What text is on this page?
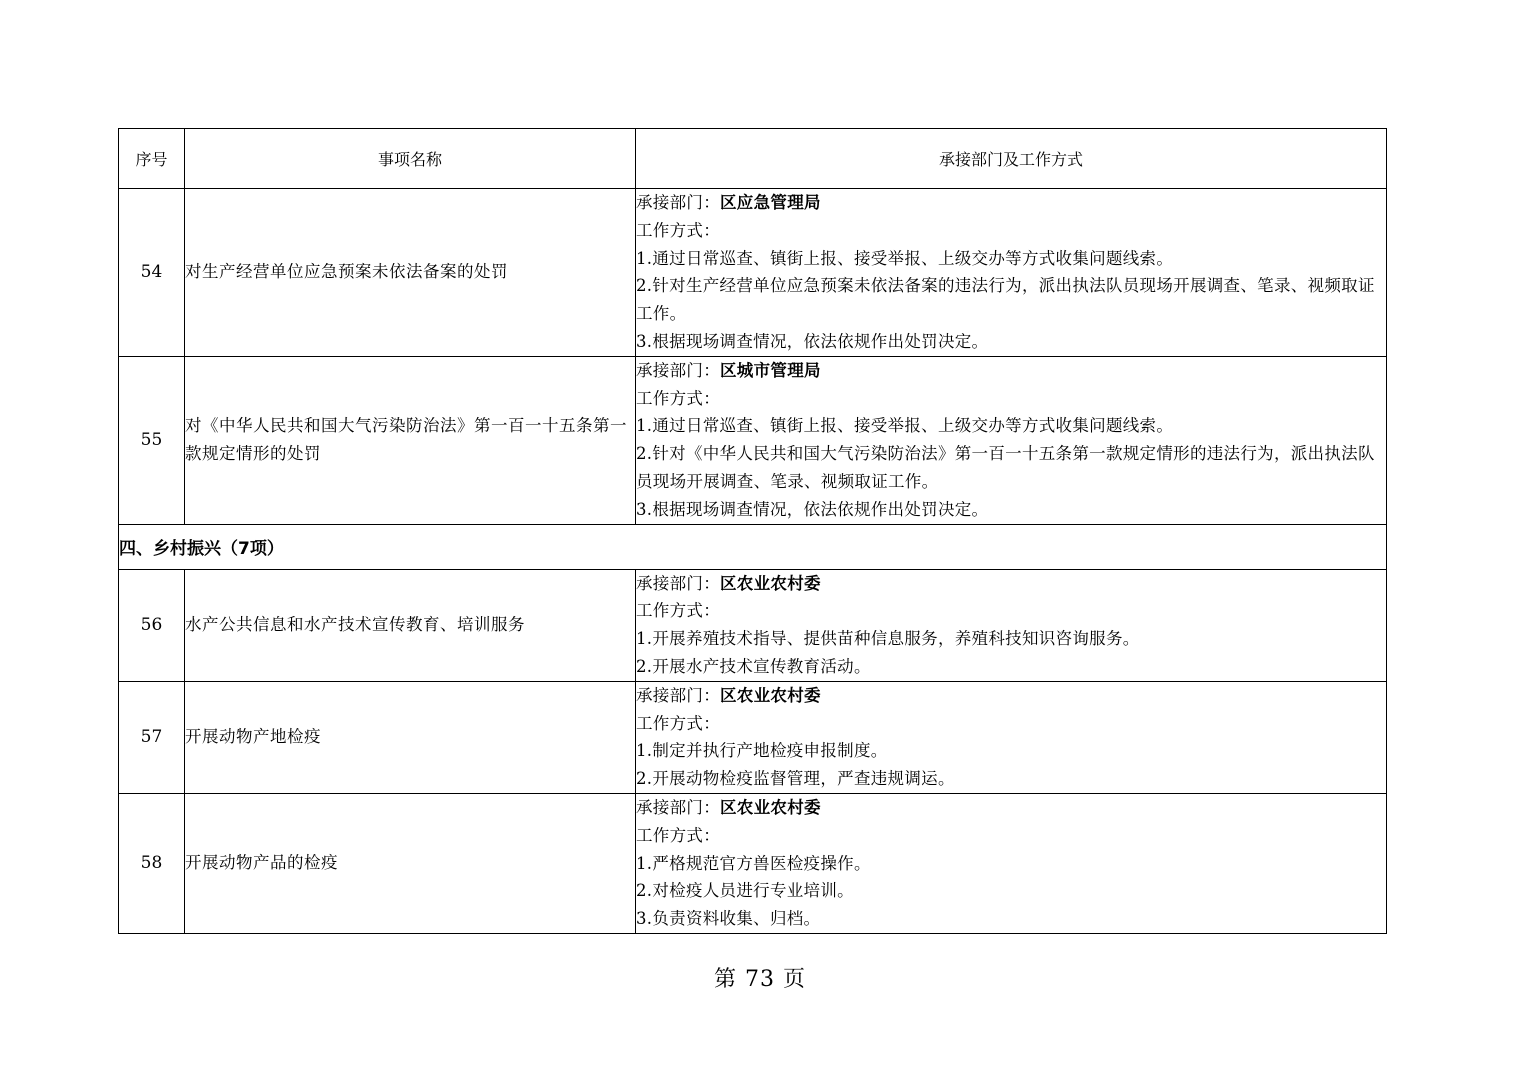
序号	事项名称	承接部门及工作方式
54	对生产经营单位应急预案未依法备案的处罚	承接部门：区应急管理局
工作方式：
1.通过日常巡查、镇街上报、接受举报、上级交办等方式收集问题线索。
2.针对生产经营单位应急预案未依法备案的违法行为，派出执法队员现场开展调查、笔录、视频取证工作。
3.根据现场调查情况，依法依规作出处罚决定。

55	对《中华人民共和国大气污染防治法》第一百一十五条第一款规定情形的处罚	承接部门：区城市管理局
工作方式：
1.通过日常巡查、镇街上报、接受举报、上级交办等方式收集问题线索。
2.针对《中华人民共和国大气污染防治法》第一百一十五条第一款规定情形的违法行为，派出执法队员现场开展调查、笔录、视频取证工作。
3.根据现场调查情况，依法依规作出处罚决定。

四、乡村振兴（7项）		
56	水产公共信息和水产技术宣传教育、培训服务	承接部门：区农业农村委
工作方式：
1.开展养殖技术指导、提供苗种信息服务，养殖科技知识咨询服务。
2.开展水产技术宣传教育活动。

57	开展动物产地检疫	承接部门：区农业农村委
工作方式：
1.制定并执行产地检疫申报制度。
2.开展动物检疫监督管理，严查违规调运。

58	开展动物产品的检疫	承接部门：区农业农村委
工作方式：
1.严格规范官方兽医检疫操作。
2.对检疫人员进行专业培训。
3.负责资料收集、归档。
第 73 页
